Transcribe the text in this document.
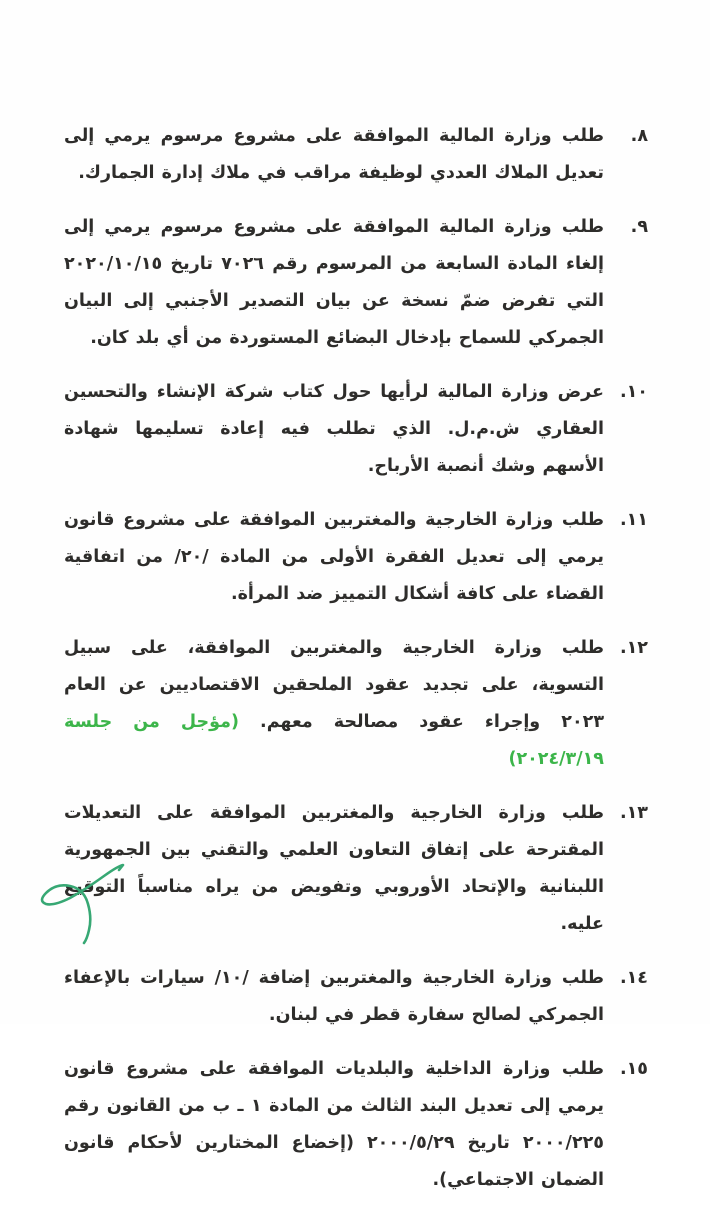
٨.
طلب وزارة المالية الموافقة على مشروع مرسوم يرمي إلى تعديل الملاك العددي لوظيفة مراقب في ملاك إدارة الجمارك.
٩.
طلب وزارة المالية الموافقة على مشروع مرسوم يرمي إلى إلغاء المادة السابعة من المرسوم رقم ٧٠٢٦ تاريخ ٢٠٢٠/١٠/١٥ التي تفرض ضمّ نسخة عن بيان التصدير الأجنبي إلى البيان الجمركي للسماح بإدخال البضائع المستوردة من أي بلد كان.
١٠.
عرض وزارة المالية لرأيها حول كتاب شركة الإنشاء والتحسين العقاري ش.م.ل. الذي تطلب فيه إعادة تسليمها شهادة الأسهم وشك أنصبة الأرباح.
١١.
طلب وزارة الخارجية والمغتربين الموافقة على مشروع قانون يرمي إلى تعديل الفقرة الأولى من المادة /٢٠/ من اتفاقية القضاء على كافة أشكال التمييز ضد المرأة.
١٢.
طلب وزارة الخارجية والمغتربين الموافقة، على سبيل التسوية، على تجديد عقود الملحقين الاقتصاديين عن العام ٢٠٢٣ وإجراء عقود مصالحة معهم. (مؤجل من جلسة ٢٠٢٤/٣/١٩)
١٣.
طلب وزارة الخارجية والمغتربين الموافقة على التعديلات المقترحة على إتفاق التعاون العلمي والتقني بين الجمهورية اللبنانية والإتحاد الأوروبي وتفويض من يراه مناسباً التوقيع عليه.
١٤.
طلب وزارة الخارجية والمغتربين إضافة /١٠/ سيارات بالإعفاء الجمركي لصالح سفارة قطر في لبنان.
١٥.
طلب وزارة الداخلية والبلديات الموافقة على مشروع قانون يرمي إلى تعديل البند الثالث من المادة ١ ـ ب من القانون رقم ٢٠٠٠/٢٢٥ تاريخ ٢٠٠٠/٥/٢٩ (إخضاع المختارين لأحكام قانون الضمان الاجتماعي).
